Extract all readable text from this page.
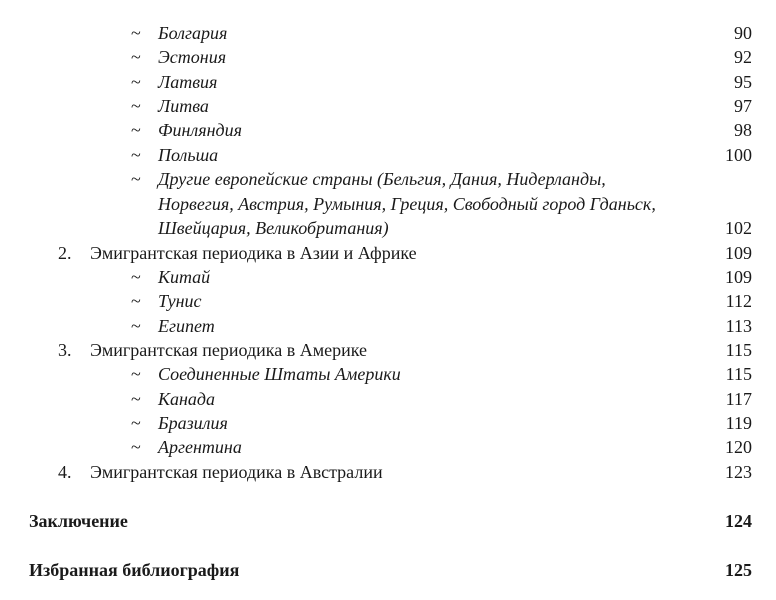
~ Болгария	90
~ Эстония	92
~ Латвия	95
~ Литва	97
~ Финляндия	98
~ Польша	100
~ Другие европейские страны (Бельгия, Дания, Нидерланды,
Норвегия, Австрия, Румыния, Греция, Свободный город Гданьск,
Швейцария, Великобритания)	102
2. Эмигрантская периодика в Азии и Африке	109
~ Китай	109
~ Тунис	112
~ Египет	113
3. Эмигрантская периодика в Америке	115
~ Соединенные Штаты Америки	115
~ Канада	117
~ Бразилия	119
~ Аргентина	120
4. Эмигрантская периодика в Австралии	123
Заключение	124
Избранная библиография	125
